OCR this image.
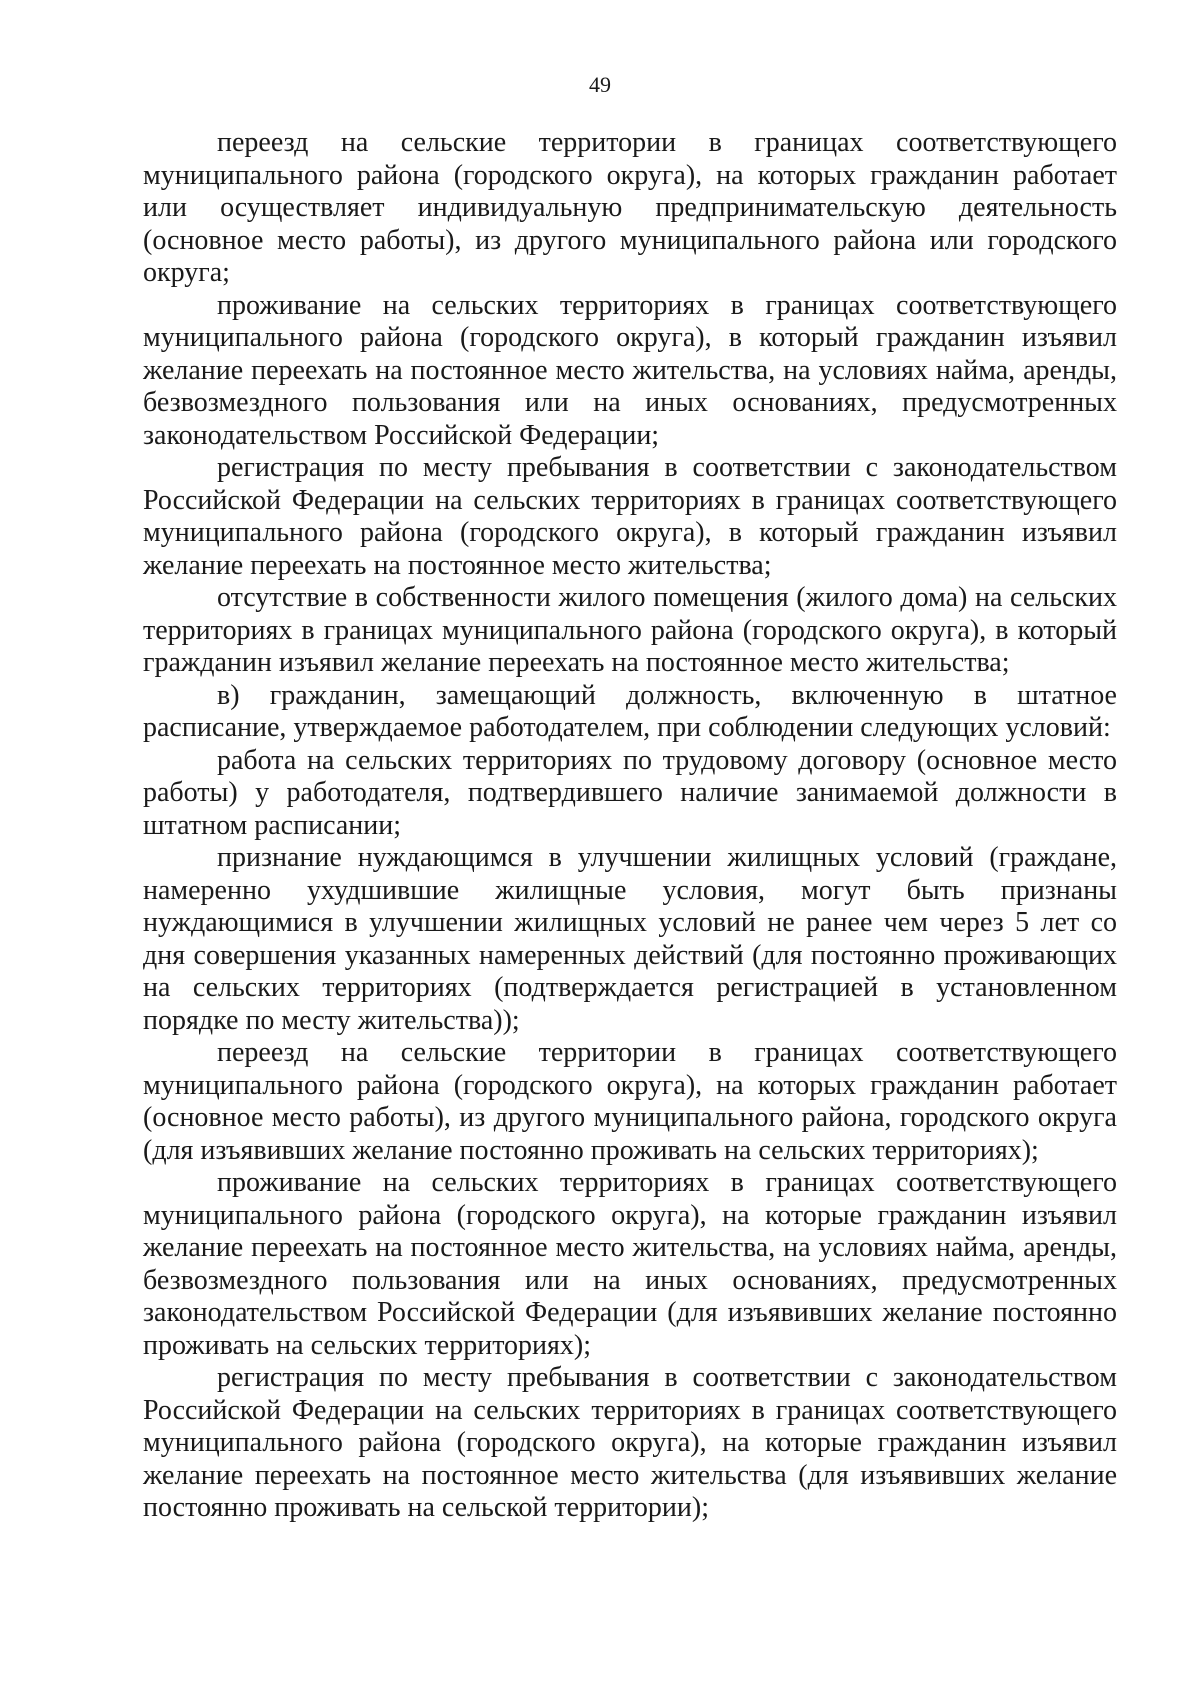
49

переезд на сельские территории в границах соответствующего муниципального района (городского округа), на которых гражданин работает или осуществляет индивидуальную предпринимательскую деятельность (основное место работы), из другого муниципального района или городского округа;

проживание на сельских территориях в границах соответствующего муниципального района (городского округа), в который гражданин изъявил желание переехать на постоянное место жительства, на условиях найма, аренды, безвозмездного пользования или на иных основаниях, предусмотренных законодательством Российской Федерации;

регистрация по месту пребывания в соответствии с законодательством Российской Федерации на сельских территориях в границах соответствующего муниципального района (городского округа), в который гражданин изъявил желание переехать на постоянное место жительства;

отсутствие в собственности жилого помещения (жилого дома) на сельских территориях в границах муниципального района (городского округа), в который гражданин изъявил желание переехать на постоянное место жительства;

в) гражданин, замещающий должность, включенную в штатное расписание, утверждаемое работодателем, при соблюдении следующих условий:

работа на сельских территориях по трудовому договору (основное место работы) у работодателя, подтвердившего наличие занимаемой должности в штатном расписании;

признание нуждающимся в улучшении жилищных условий (граждане, намеренно ухудшившие жилищные условия, могут быть признаны нуждающимися в улучшении жилищных условий не ранее чем через 5 лет со дня совершения указанных намеренных действий (для постоянно проживающих на сельских территориях (подтверждается регистрацией в установленном порядке по месту жительства));

переезд на сельские территории в границах соответствующего муниципального района (городского округа), на которых гражданин работает (основное место работы), из другого муниципального района, городского округа (для изъявивших желание постоянно проживать на сельских территориях);

проживание на сельских территориях в границах соответствующего муниципального района (городского округа), на которые гражданин изъявил желание переехать на постоянное место жительства, на условиях найма, аренды, безвозмездного пользования или на иных основаниях, предусмотренных законодательством Российской Федерации (для изъявивших желание постоянно проживать на сельских территориях);

регистрация по месту пребывания в соответствии с законодательством Российской Федерации на сельских территориях в границах соответствующего муниципального района (городского округа), на которые гражданин изъявил желание переехать на постоянное место жительства (для изъявивших желание постоянно проживать на сельской территории);
